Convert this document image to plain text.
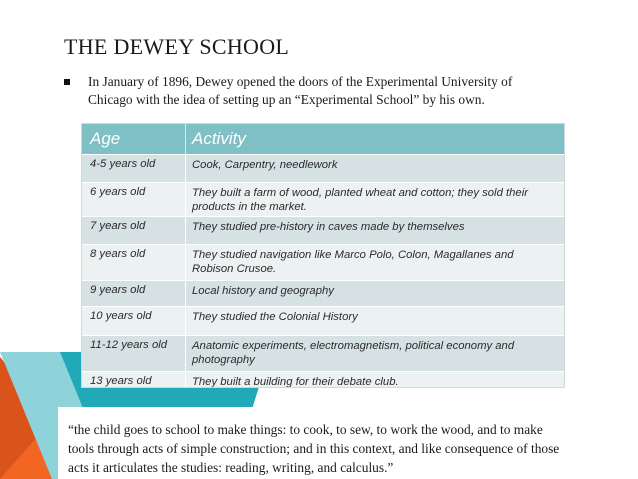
THE DEWEY SCHOOL
In January of 1896, Dewey opened the doors of the Experimental University of Chicago with the idea of setting up an “Experimental School” by his own.
Age	Activity
4-5 years old	Cook, Carpentry, needlework
6 years old	They built a farm of wood, planted wheat and cotton; they sold their products in the market.
7 years old	They studied pre-history in caves made by themselves
8 years old	They studied navigation like Marco Polo, Colon, Magallanes and Robison Crusoe.
9 years old	Local history and geography
10 years old	They studied the Colonial History
11-12 years old	Anatomic experiments, electromagnetism, political economy and photography
13 years old	They built a building for their debate club.
“the child goes to school to make things: to cook, to sew, to work the wood, and to make tools through acts of simple construction; and in this context, and like consequence of those acts it articulates the studies: reading, writing, and calculus.”
